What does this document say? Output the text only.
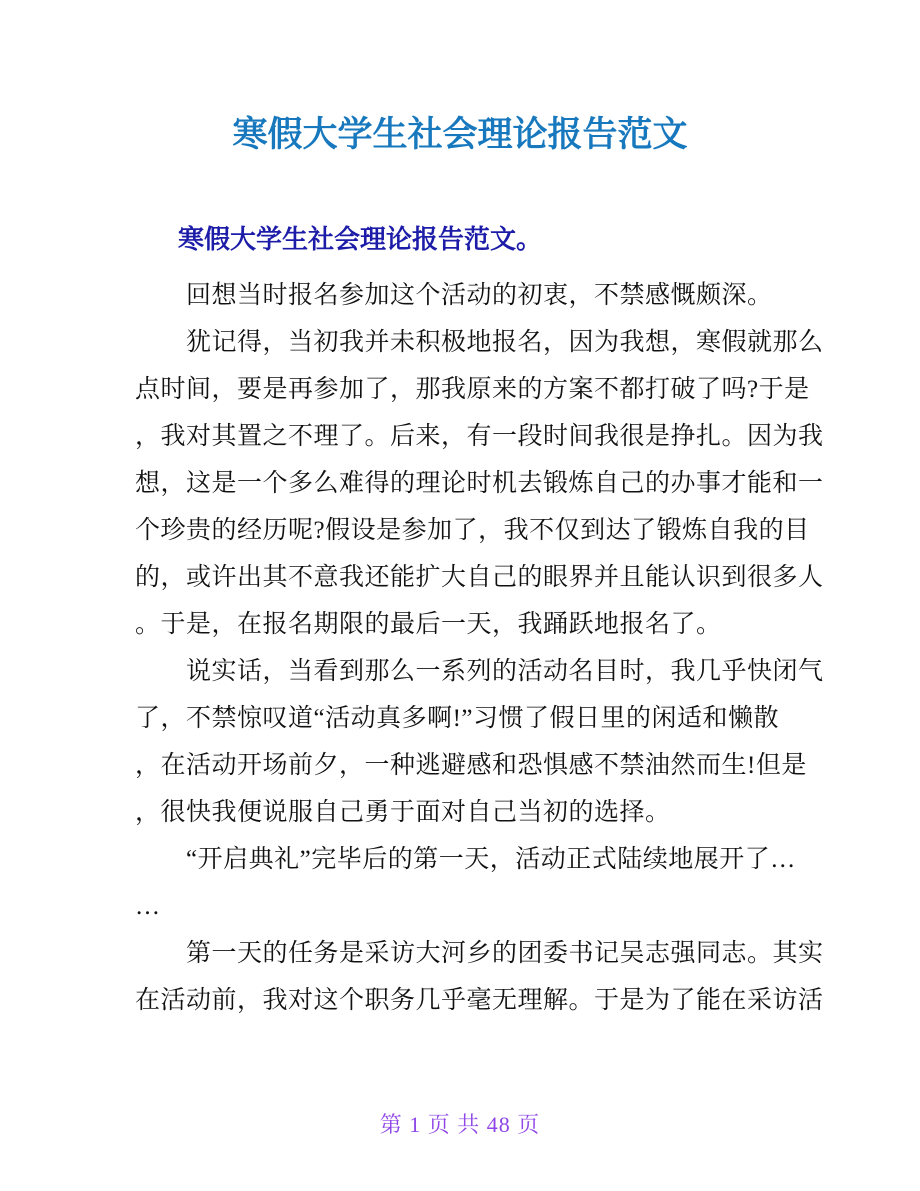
寒假大学生社会理论报告范文
寒假大学生社会理论报告范文。
　　回想当时报名参加这个活动的初衷，不禁感慨颇深。
　　犹记得，当初我并未积极地报名，因为我想，寒假就那么
点时间，要是再参加了，那我原来的方案不都打破了吗?于是
，我对其置之不理了。后来，有一段时间我很是挣扎。因为我
想，这是一个多么难得的理论时机去锻炼自己的办事才能和一
个珍贵的经历呢?假设是参加了，我不仅到达了锻炼自我的目
的，或许出其不意我还能扩大自己的眼界并且能认识到很多人
。于是，在报名期限的最后一天，我踊跃地报名了。
　　说实话，当看到那么一系列的活动名目时，我几乎快闭气
了，不禁惊叹道“活动真多啊!”习惯了假日里的闲适和懒散
，在活动开场前夕，一种逃避感和恐惧感不禁油然而生!但是
，很快我便说服自己勇于面对自己当初的选择。
　　“开启典礼”完毕后的第一天，活动正式陆续地展开了…
…
　　第一天的任务是采访大河乡的团委书记吴志强同志。其实
在活动前，我对这个职务几乎毫无理解。于是为了能在采访活
第 1 页 共 48 页
